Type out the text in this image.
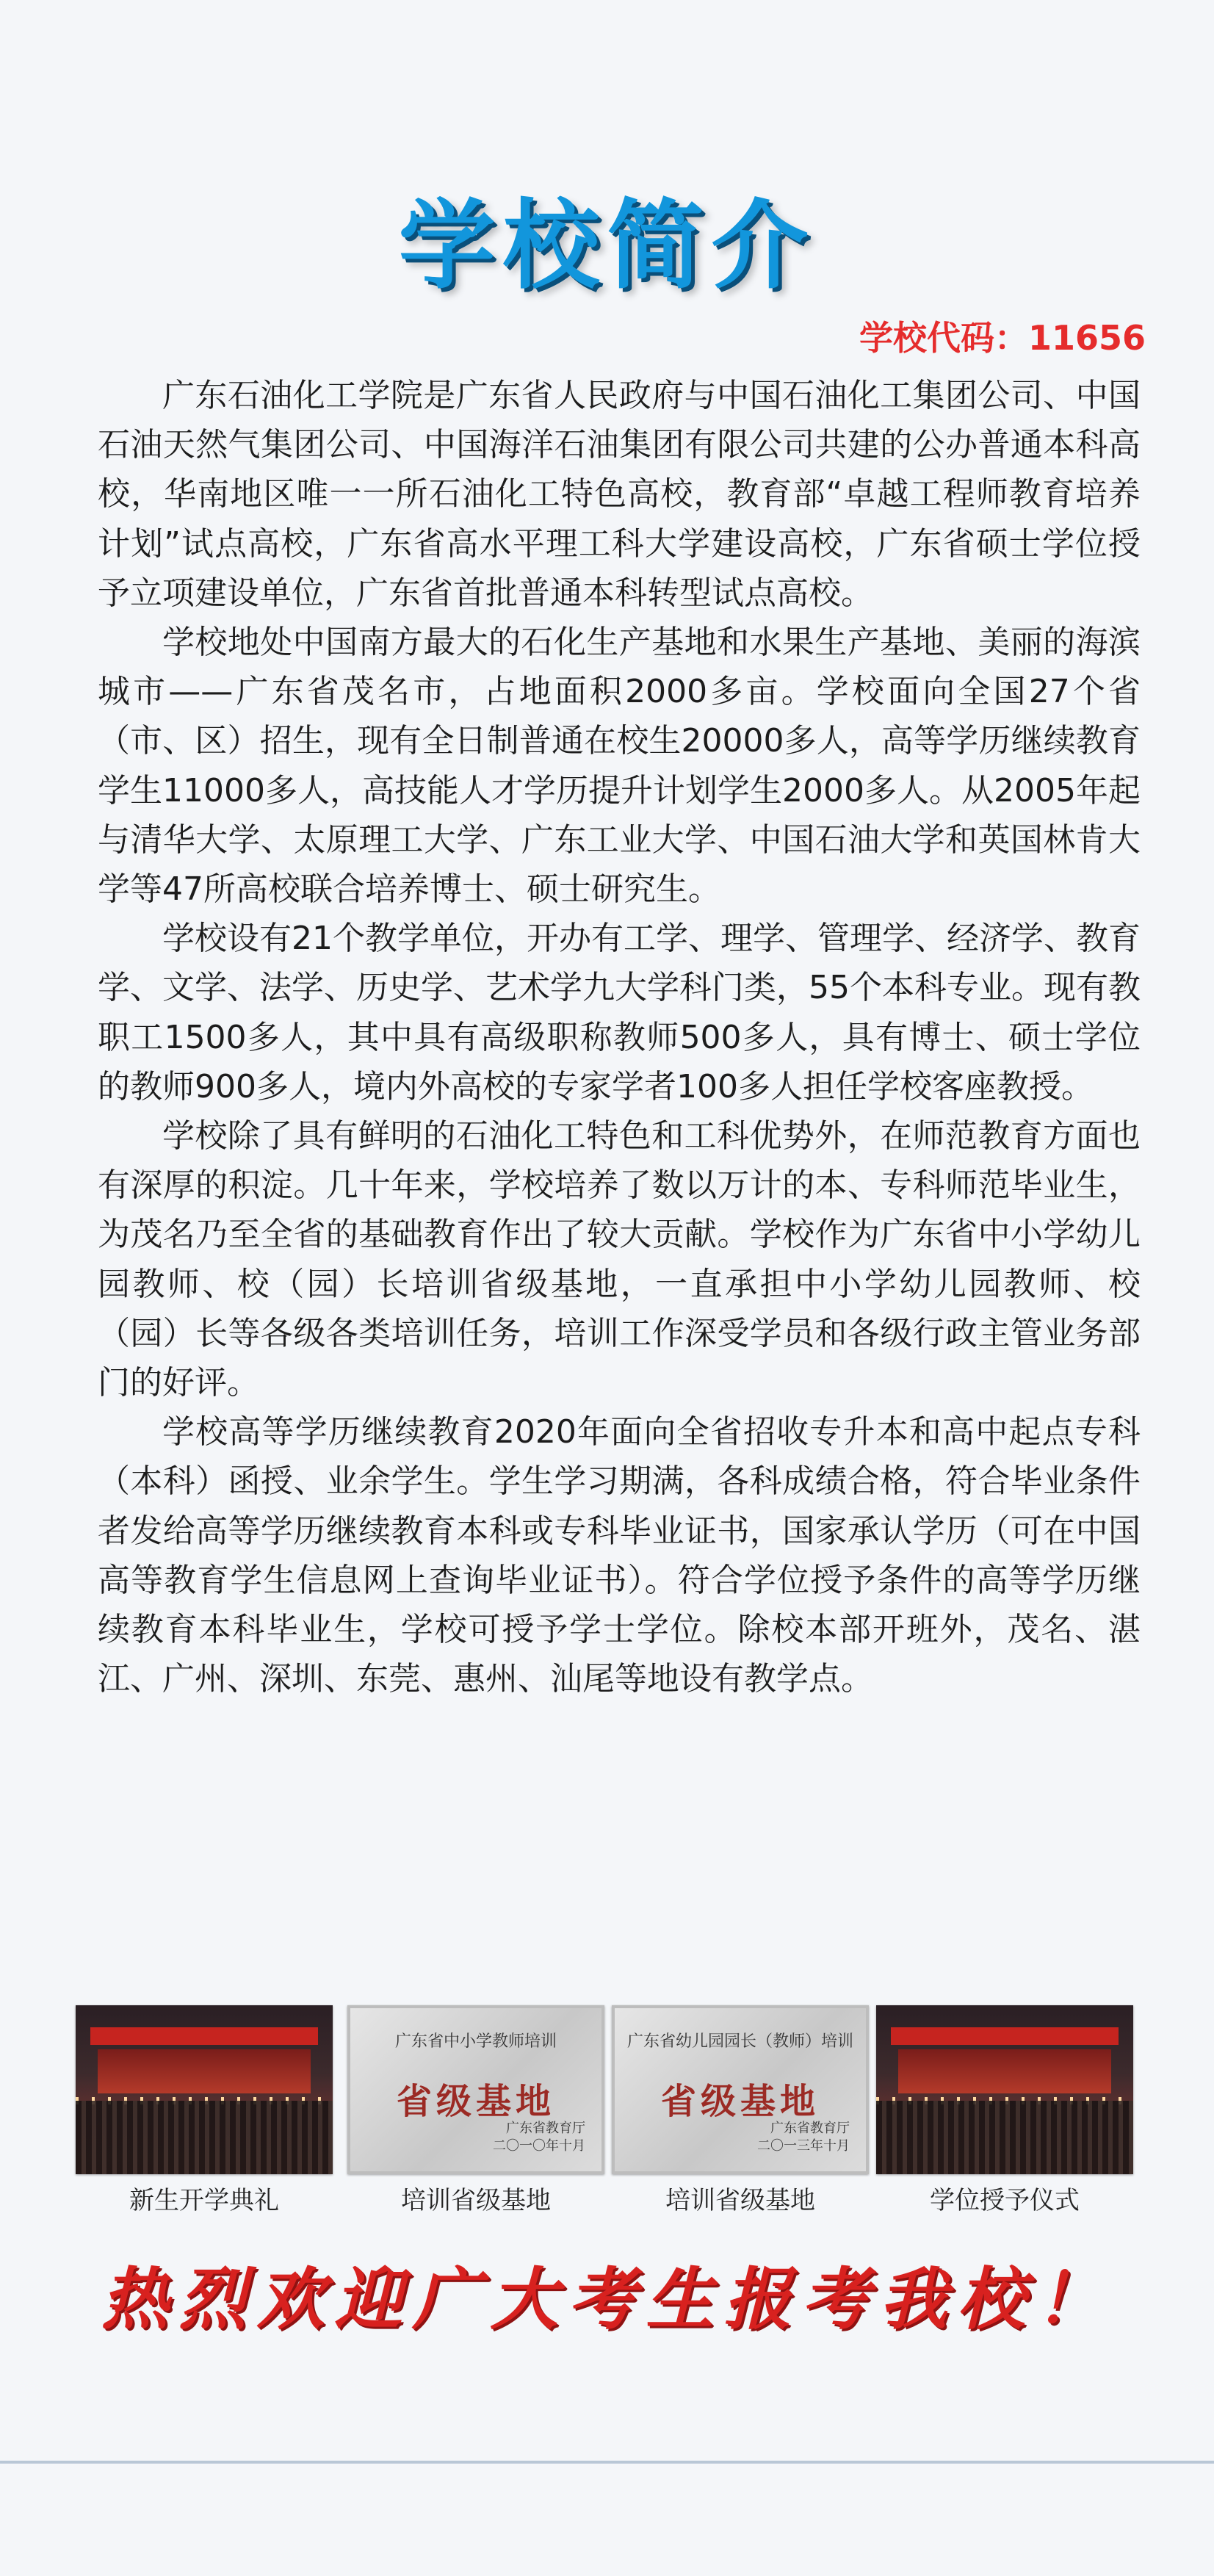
学校简介
学校代码：11656

广东石油化工学院是广东省人民政府与中国石油化工集团公司、中国石油天然气集团公司、中国海洋石油集团有限公司共建的公办普通本科高校，华南地区唯一一所石油化工特色高校，教育部“卓越工程师教育培养计划”试点高校，广东省高水平理工科大学建设高校，广东省硕士学位授予立项建设单位，广东省首批普通本科转型试点高校。

学校地处中国南方最大的石化生产基地和水果生产基地、美丽的海滨城市——广东省茂名市，占地面积2000多亩。学校面向全国27个省（市、区）招生，现有全日制普通在校生20000多人，高等学历继续教育学生11000多人，高技能人才学历提升计划学生2000多人。从2005年起与清华大学、太原理工大学、广东工业大学、中国石油大学和英国林肯大学等47所高校联合培养博士、硕士研究生。

学校设有21个教学单位，开办有工学、理学、管理学、经济学、教育学、文学、法学、历史学、艺术学九大学科门类，55个本科专业。现有教职工1500多人，其中具有高级职称教师500多人，具有博士、硕士学位的教师900多人，境内外高校的专家学者100多人担任学校客座教授。

学校除了具有鲜明的石油化工特色和工科优势外，在师范教育方面也有深厚的积淀。几十年来，学校培养了数以万计的本、专科师范毕业生，为茂名乃至全省的基础教育作出了较大贡献。学校作为广东省中小学幼儿园教师、校（园）长培训省级基地，一直承担中小学幼儿园教师、校（园）长等各级各类培训任务，培训工作深受学员和各级行政主管业务部门的好评。

学校高等学历继续教育2020年面向全省招收专升本和高中起点专科（本科）函授、业余学生。学生学习期满，各科成绩合格，符合毕业条件者发给高等学历继续教育本科或专科毕业证书，国家承认学历（可在中国高等教育学生信息网上查询毕业证书）。符合学位授予条件的高等学历继续教育本科毕业生，学校可授予学士学位。除校本部开班外，茂名、湛江、广州、深圳、东莞、惠州、汕尾等地设有教学点。

新生开学典礼
广东省中小学教师培训
省级基地
广东省教育厅
二〇一〇年十月
培训省级基地
广东省幼儿园园长（教师）培训
省级基地
广东省教育厅
二〇一三年十月
培训省级基地	学位授予仪式
热烈欢迎广大考生报考我校！
